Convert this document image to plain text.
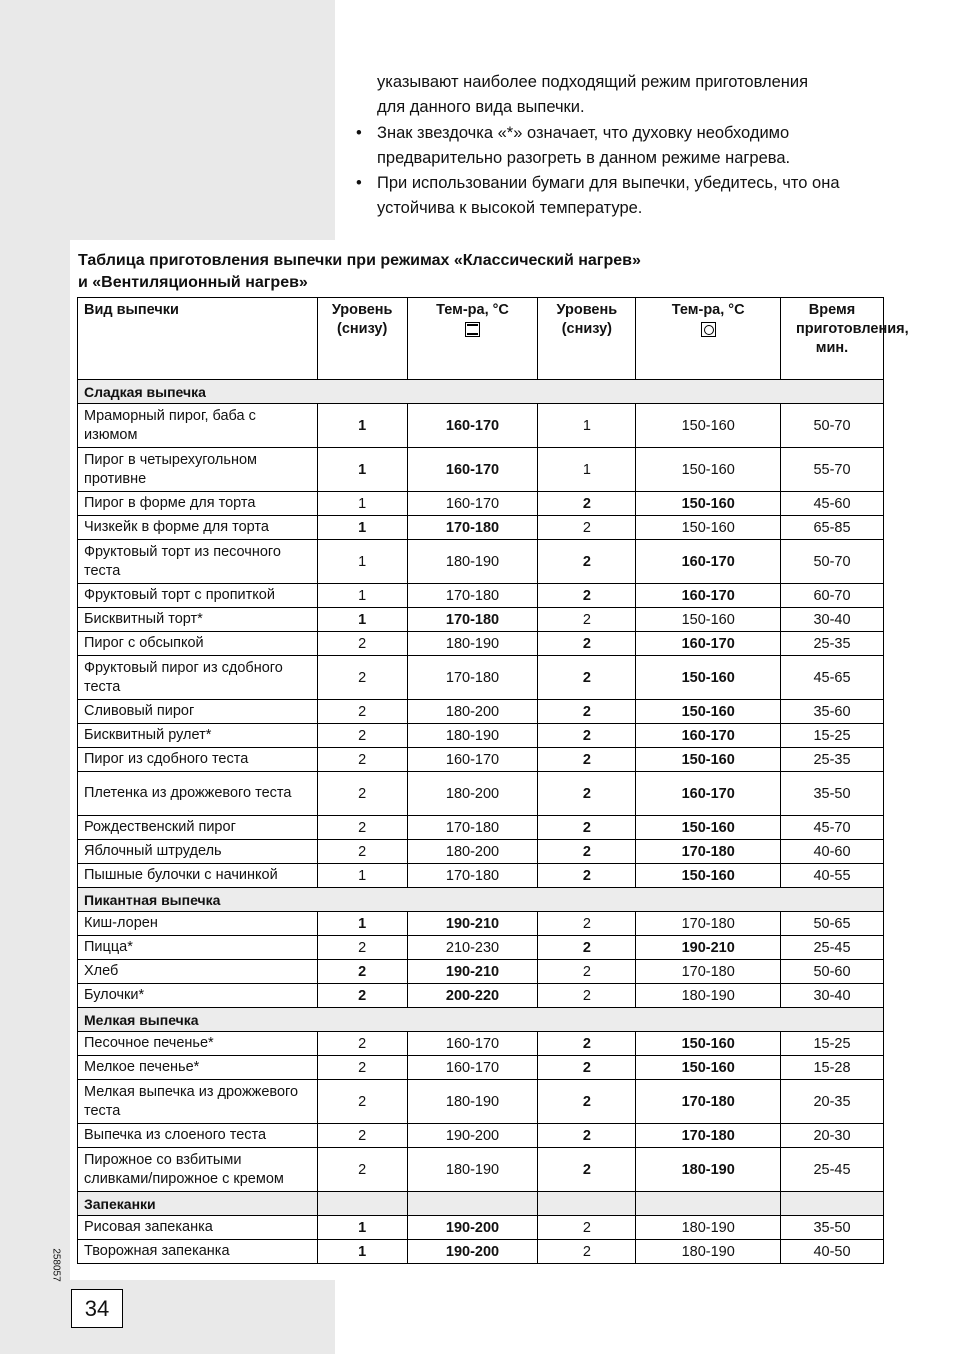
указывают наиболее подходящий режим приготовления

для данного вида выпечки.

• Знак звездочка «*» означает, что духовку необходимо предварительно разогреть в данном режиме нагрева.

• При использовании бумаги для выпечки, убедитесь, что она устойчива к высокой температуре.

Таблица приготовления выпечки при режимах «Классический нагрев»
и «Вентиляционный нагрев»
Вид выпечки	Уровень (снизу)	Тем-ра, °C	Уровень (снизу)	Тем-ра, °C	Время приготовления, мин.

Сладкая выпечка					
Мраморный пирог, баба с изюмом	1	160-170	1	150-160	50-70
Пирог в четырехугольном противне	1	160-170	1	150-160	55-70
Пирог в форме для торта	1	160-170	2	150-160	45-60
Чизкейк в форме для торта	1	170-180	2	150-160	65-85
Фруктовый торт из песочного теста	1	180-190	2	160-170	50-70
Фруктовый торт с пропиткой	1	170-180	2	160-170	60-70
Бисквитный торт*	1	170-180	2	150-160	30-40
Пирог с обсыпкой	2	180-190	2	160-170	25-35
Фруктовый пирог из сдобного теста	2	170-180	2	150-160	45-65
Сливовый пирог	2	180-200	2	150-160	35-60
Бисквитный рулет*	2	180-190	2	160-170	15-25
Пирог из сдобного теста	2	160-170	2	150-160	25-35
Плетенка из дрожжевого теста	2	180-200	2	160-170	35-50
Рождественский пирог	2	170-180	2	150-160	45-70
Яблочный штрудель	2	180-200	2	170-180	40-60
Пышные булочки с начинкой	1	170-180	2	150-160	40-55
Пикантная выпечка					
Киш-лорен	1	190-210	2	170-180	50-65
Пицца*	2	210-230	2	190-210	25-45
Хлеб	2	190-210	2	170-180	50-60
Булочки*	2	200-220	2	180-190	30-40
Мелкая выпечка					
Песочное печенье*	2	160-170	2	150-160	15-25
Мелкое печенье*	2	160-170	2	150-160	15-28
Мелкая выпечка из дрожжевого теста	2	180-190	2	170-180	20-35
Выпечка из слоеного теста	2	190-200	2	170-180	20-30
Пирожное со взбитыми сливками/пирожное с кремом	2	180-190	2	180-190	25-45
Запеканки					
Рисовая запеканка	1	190-200	2	180-190	35-50
Творожная запеканка	1	190-200	2	180-190	40-50
34
258057
